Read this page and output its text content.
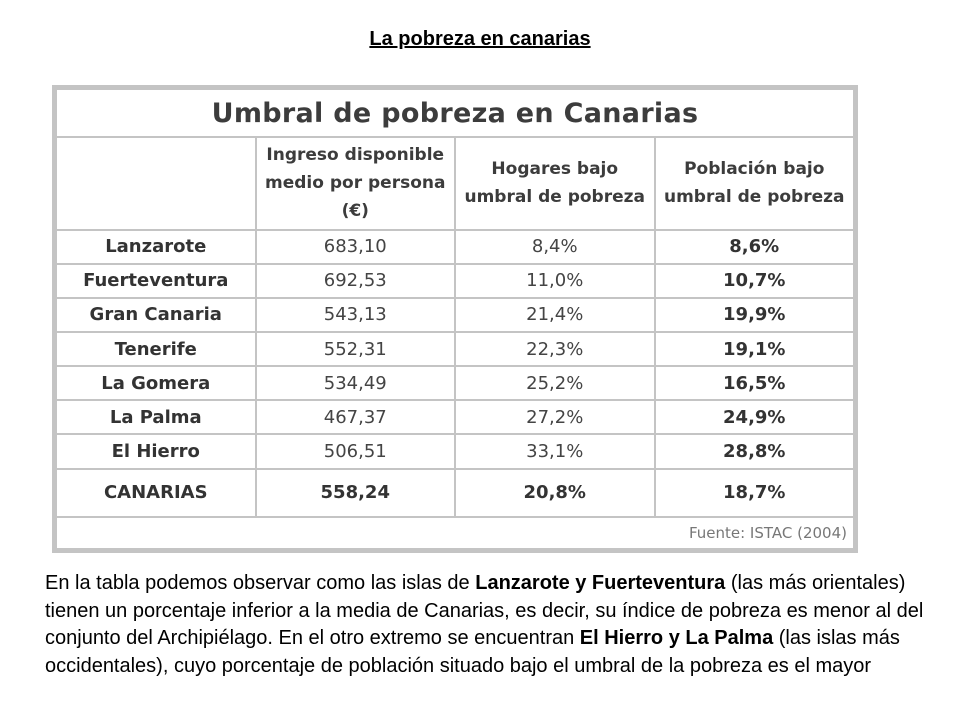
La pobreza en canarias
Umbral de pobreza en Canarias			
	Ingreso disponible medio por persona (€)	Hogares bajo umbral de pobreza	Población bajo umbral de pobreza
Lanzarote	683,10	8,4%	8,6%
Fuerteventura	692,53	11,0%	10,7%
Gran Canaria	543,13	21,4%	19,9%
Tenerife	552,31	22,3%	19,1%
La Gomera	534,49	25,2%	16,5%
La Palma	467,37	27,2%	24,9%
El Hierro	506,51	33,1%	28,8%
CANARIAS	558,24	20,8%	18,7%
Fuente: ISTAC (2004)			
En la tabla podemos observar como las islas de Lanzarote y Fuerteventura (las más orientales) tienen un porcentaje inferior a la media de Canarias, es decir, su índice de pobreza es menor al del conjunto del Archipiélago. En el otro extremo se encuentran El Hierro y La Palma (las islas más occidentales), cuyo porcentaje de población situado bajo el umbral de la pobreza es el mayor
